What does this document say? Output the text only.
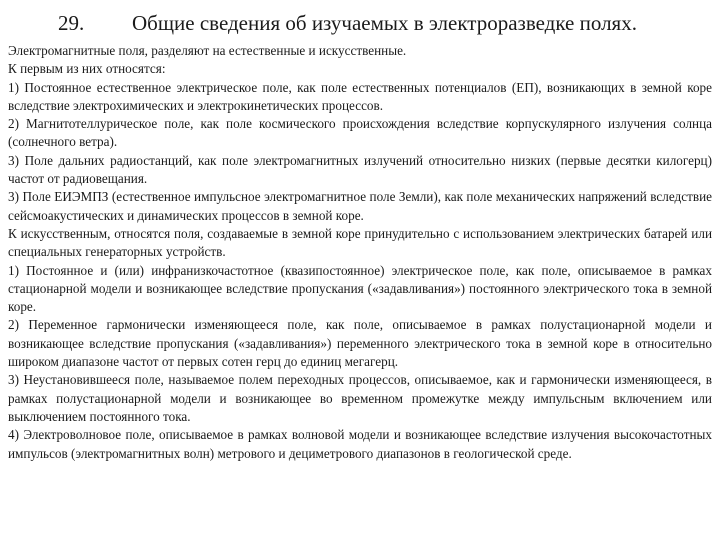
29.	Общие сведения об изучаемых в электроразведке полях.

Электромагнитные поля, разделяют на естественные и искусственные.

К первым из них относятся:

1) Постоянное естественное электрическое поле, как поле естественных потенциалов (ЕП), возникающих в земной коре вследствие электрохимических и электрокинетических процессов.

2) Магнитотеллурическое поле, как поле космического происхождения вследствие корпускулярного излучения солнца (солнечного ветра).

3) Поле дальних радиостанций, как поле электромагнитных излучений относительно низких (первые десятки килогерц) частот от радиовещания.

3) Поле ЕИЭМПЗ (естественное импульсное электромагнитное поле Земли), как поле механических напряжений вследствие сейсмоакустических и динамических процессов в земной коре.

К искусственным, относятся поля, создаваемые в земной коре принудительно с использованием электрических батарей или специальных генераторных устройств.

1) Постоянное и (или) инфранизкочастотное (квазипостоянное) электрическое поле, как поле, описываемое в рамках стационарной модели и возникающее вследствие пропускания («задавливания») постоянного электрического тока в земной коре.

2) Переменное гармонически изменяющееся поле, как поле, описываемое в рамках полустационарной модели и возникающее вследствие пропускания («задавливания») переменного электрического тока в земной коре в относительно широком диапазоне частот от первых сотен герц до единиц мегагерц.

3) Неустановившееся поле, называемое полем переходных процессов, описываемое, как и гармонически изменяющееся, в рамках полустационарной модели и возникающее во временном промежутке между импульсным включением или выключением постоянного тока.

4) Электроволновое поле, описываемое в рамках волновой модели и возникающее вследствие излучения высокочастотных импульсов (электромагнитных волн) метрового и дециметрового диапазонов в геологической среде.
